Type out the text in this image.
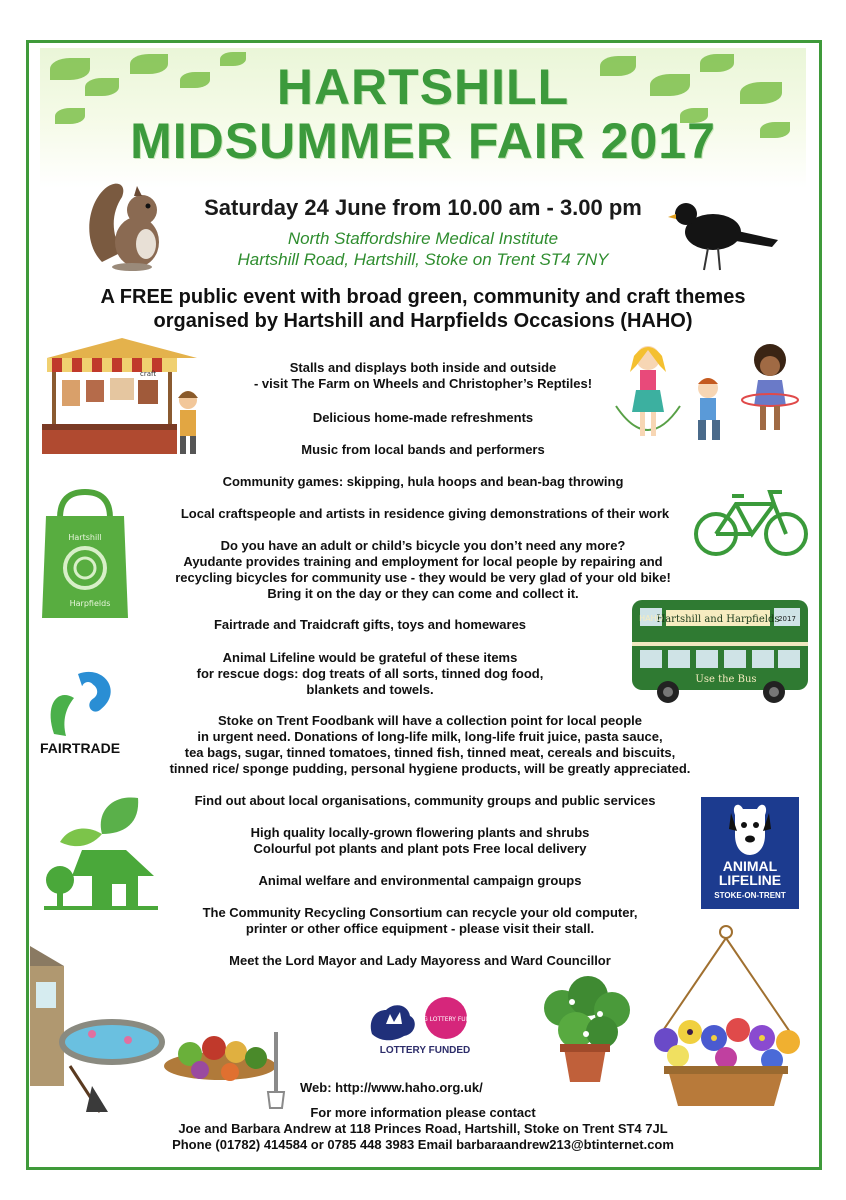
HARTSHILL
MIDSUMMER FAIR 2017
Saturday 24 June from 10.00 am - 3.00 pm
North Staffordshire Medical Institute
Hartshill Road, Hartshill, Stoke on Trent ST4 7NY
A FREE public event with broad green, community and craft themes
organised by Hartshill and Harpfields Occasions (HAHO)
craft
Hartshill
Harpfields
Hartshill and Harpfields
HAHO	2017
Use the Bus
FAIRTRADE
ANIMAL
LIFELINE
STOKE-ON-TRENT
BIG LOTTERY FUND
LOTTERY FUNDED
Stalls and displays both inside and outside
- visit The Farm on Wheels and Christopher’s Reptiles!
Delicious home-made refreshments
Music from local bands and performers
Community games: skipping, hula hoops and bean-bag throwing
Local craftspeople and artists in residence giving demonstrations of their work
Do you have an adult or child’s bicycle you don’t need any more?
Ayudante provides training and employment for local people by repairing and
recycling bicycles for community use - they would be very glad of your old bike!
Bring it on the day or they can come and collect it.
Fairtrade and Traidcraft gifts, toys and homewares
Animal Lifeline would be grateful of these items
for rescue dogs: dog treats of all sorts, tinned dog food,
blankets and towels.
Stoke on Trent Foodbank will have a collection point for local people
in urgent need. Donations of long-life milk, long-life fruit juice, pasta sauce,
tea bags, sugar, tinned tomatoes, tinned fish, tinned meat, cereals and biscuits,
tinned rice/ sponge pudding, personal hygiene products, will be greatly appreciated.
Find out about local organisations, community groups and public services
High quality locally-grown flowering plants and shrubs
Colourful pot plants and plant pots Free local delivery
Animal welfare and environmental campaign groups
The Community Recycling Consortium can recycle your old computer,
printer or other office equipment - please visit their stall.
Meet the Lord Mayor and Lady Mayoress and Ward Councillor
Web: http://www.haho.org.uk/
For more information please contact
Joe and Barbara Andrew at 118 Princes Road, Hartshill, Stoke on Trent ST4 7JL
Phone (01782) 414584 or 0785 448 3983 Email barbaraandrew213@btinternet.com
